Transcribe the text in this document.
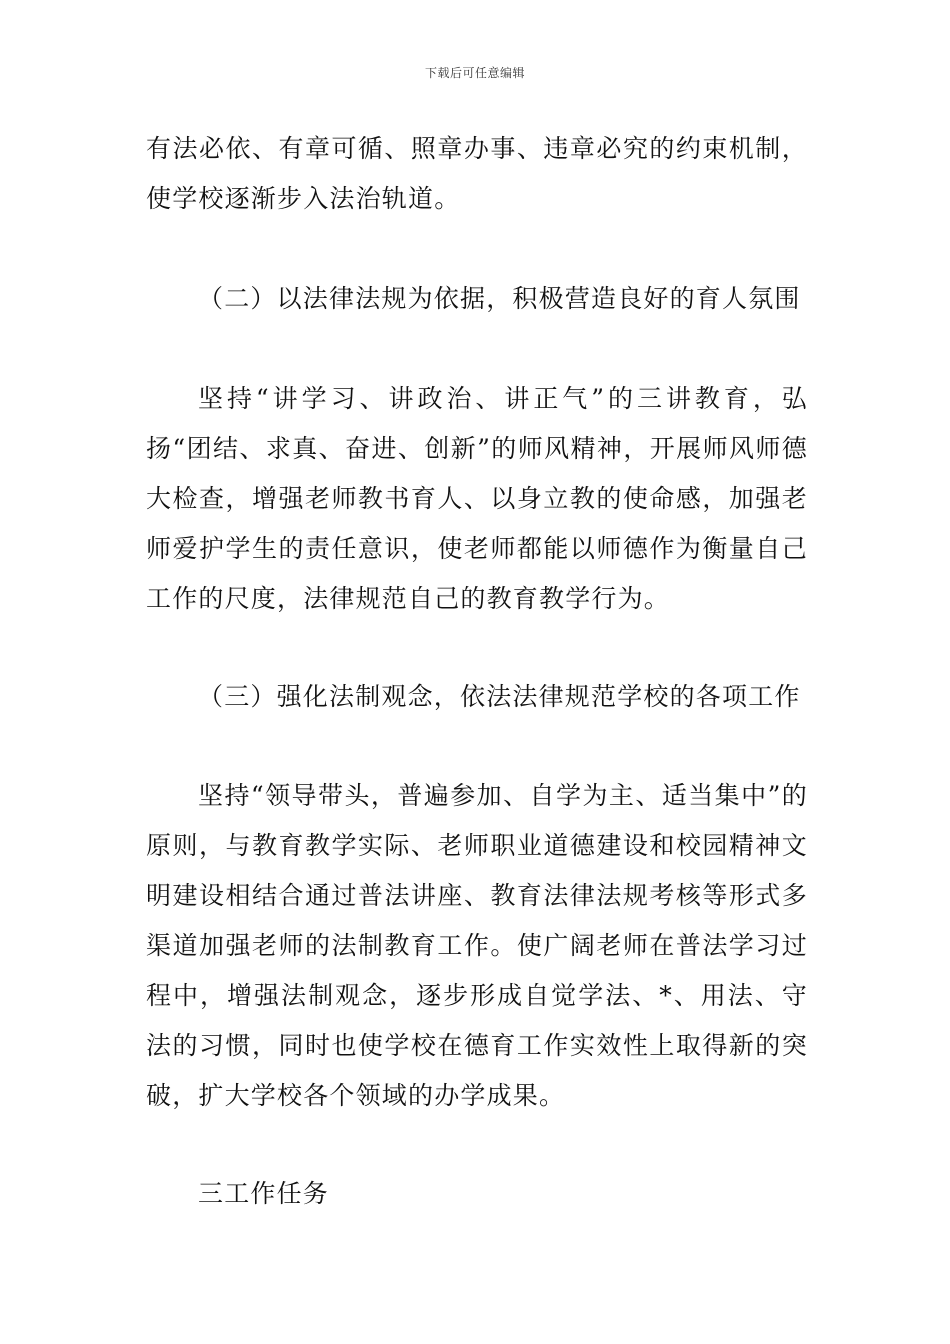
下载后可任意编辑

有法必依、有章可循、照章办事、违章必究的约束机制，使学校逐渐步入法治轨道。

（二）以法律法规为依据，积极营造良好的育人氛围

坚持“讲学习、讲政治、讲正气”的三讲教育，弘扬“团结、求真、奋进、创新”的师风精神，开展师风师德大检查，增强老师教书育人、以身立教的使命感，加强老师爱护学生的责任意识，使老师都能以师德作为衡量自己工作的尺度，法律规范自己的教育教学行为。

（三）强化法制观念，依法法律规范学校的各项工作

坚持“领导带头，普遍参加、自学为主、适当集中”的原则，与教育教学实际、老师职业道德建设和校园精神文明建设相结合通过普法讲座、教育法律法规考核等形式多渠道加强老师的法制教育工作。使广阔老师在普法学习过程中，增强法制观念，逐步形成自觉学法、*、用法、守法的习惯，同时也使学校在德育工作实效性上取得新的突破，扩大学校各个领域的办学成果。

三工作任务
